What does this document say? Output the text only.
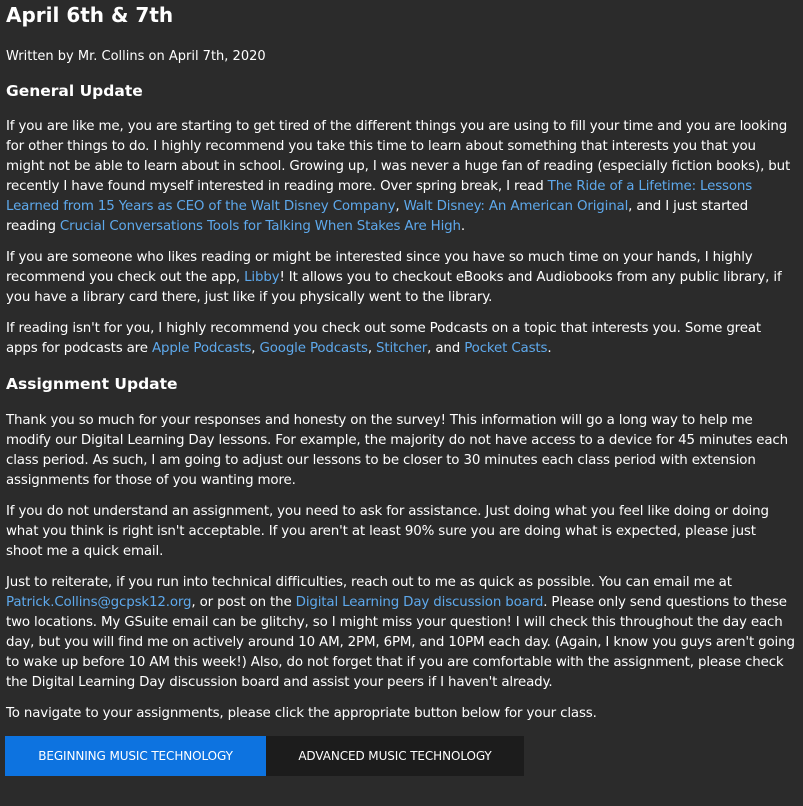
April 6th & 7th
Written by Mr. Collins on April 7th, 2020
General Update

If you are like me, you are starting to get tired of the different things you are using to fill your time and you are looking for other things to do. I highly recommend you take this time to learn about something that interests you that you might not be able to learn about in school. Growing up, I was never a huge fan of reading (especially fiction books), but recently I have found myself interested in reading more. Over spring break, I read The Ride of a Lifetime: Lessons Learned from 15 Years as CEO of the Walt Disney Company, Walt Disney: An American Original, and I just started reading Crucial Conversations Tools for Talking When Stakes Are High.

If you are someone who likes reading or might be interested since you have so much time on your hands, I highly recommend you check out the app, Libby! It allows you to checkout eBooks and Audiobooks from any public library, if you have a library card there, just like if you physically went to the library.

If reading isn't for you, I highly recommend you check out some Podcasts on a topic that interests you. Some great apps for podcasts are Apple Podcasts, Google Podcasts, Stitcher, and Pocket Casts.

Assignment Update

Thank you so much for your responses and honesty on the survey! This information will go a long way to help me modify our Digital Learning Day lessons. For example, the majority do not have access to a device for 45 minutes each class period. As such, I am going to adjust our lessons to be closer to 30 minutes each class period with extension assignments for those of you wanting more.

If you do not understand an assignment, you need to ask for assistance. Just doing what you feel like doing or doing what you think is right isn't acceptable. If you aren't at least 90% sure you are doing what is expected, please just shoot me a quick email.

Just to reiterate, if you run into technical difficulties, reach out to me as quick as possible. You can email me at Patrick.Collins@gcpsk12.org, or post on the Digital Learning Day discussion board. Please only send questions to these two locations. My GSuite email can be glitchy, so I might miss your question! I will check this throughout the day each day, but you will find me on actively around 10 AM, 2PM, 6PM, and 10PM each day. (Again, I know you guys aren't going to wake up before 10 AM this week!) Also, do not forget that if you are comfortable with the assignment, please check the Digital Learning Day discussion board and assist your peers if I haven't already.

To navigate to your assignments, please click the appropriate button below for your class.

BEGINNING MUSIC TECHNOLOGY	ADVANCED MUSIC TECHNOLOGY
